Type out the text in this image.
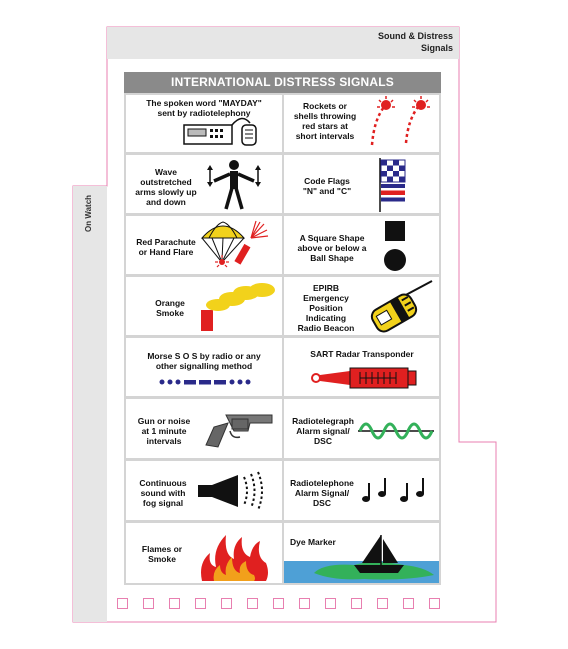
Sound & Distress
Signals
On Watch
INTERNATIONAL DISTRESS SIGNALS
The spoken word "MAYDAY"
sent by radiotelephony
Rockets or
shells throwing
red stars at
short intervals
Wave
outstretched
arms slowly up
and down
Code Flags
"N" and "C"
Red Parachute
or Hand Flare
A Square Shape
above or below a
Ball Shape
Orange
Smoke
EPIRB
Emergency
Position
Indicating
Radio Beacon
Morse S O S by radio or any
other signalling method
SART Radar Transponder
Gun or noise
at 1 minute
intervals
Radiotelegraph
Alarm signal/
DSC
Continuous
sound with
fog signal
Radiotelephone
Alarm Signal/
DSC
Flames or
Smoke
Dye Marker
